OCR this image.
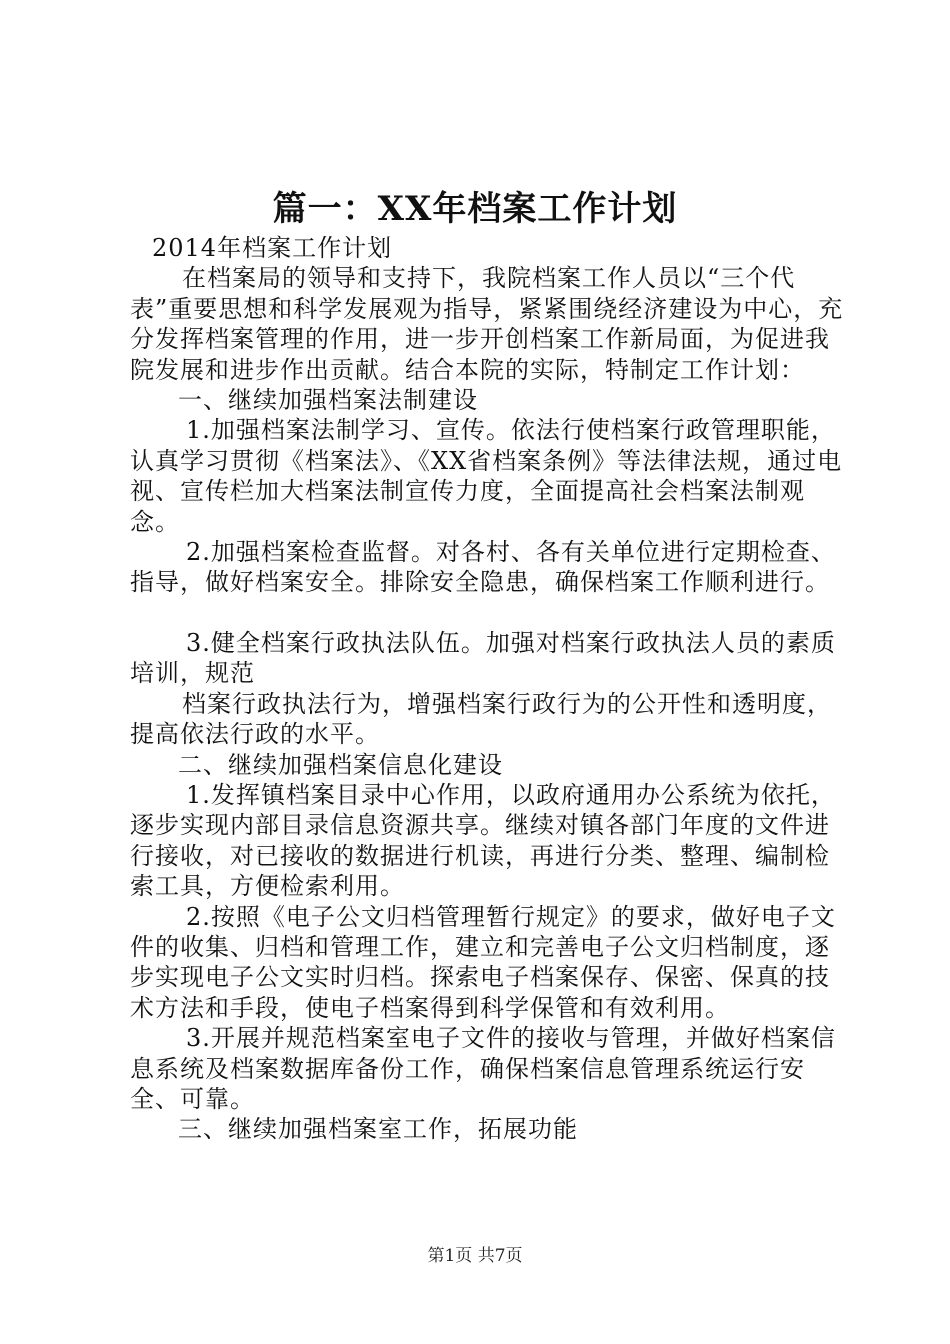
篇一：XX年档案工作计划

2014年档案工作计划

在档案局的领导和支持下，我院档案工作人员以“三个代表”重要思想和科学发展观为指导，紧紧围绕经济建设为中心，充分发挥档案管理的作用，进一步开创档案工作新局面，为促进我院发展和进步作出贡献。结合本院的实际，特制定工作计划：

一、继续加强档案法制建设

1.加强档案法制学习、宣传。依法行使档案行政管理职能，认真学习贯彻《档案法》、《XX省档案条例》等法律法规，通过电视、宣传栏加大档案法制宣传力度，全面提高社会档案法制观念。

2.加强档案检查监督。对各村、各有关单位进行定期检查、指导，做好档案安全。排除安全隐患，确保档案工作顺利进行。

3.健全档案行政执法队伍。加强对档案行政执法人员的素质培训，规范

档案行政执法行为，增强档案行政行为的公开性和透明度，提高依法行政的水平。

二、继续加强档案信息化建设

1.发挥镇档案目录中心作用，以政府通用办公系统为依托，逐步实现内部目录信息资源共享。继续对镇各部门年度的文件进行接收，对已接收的数据进行机读，再进行分类、整理、编制检索工具，方便检索利用。

2.按照《电子公文归档管理暂行规定》的要求，做好电子文件的收集、归档和管理工作，建立和完善电子公文归档制度，逐步实现电子公文实时归档。探索电子档案保存、保密、保真的技术方法和手段，使电子档案得到科学保管和有效利用。

3.开展并规范档案室电子文件的接收与管理，并做好档案信息系统及档案数据库备份工作，确保档案信息管理系统运行安全、可靠。

三、继续加强档案室工作，拓展功能

第1页 共7页
